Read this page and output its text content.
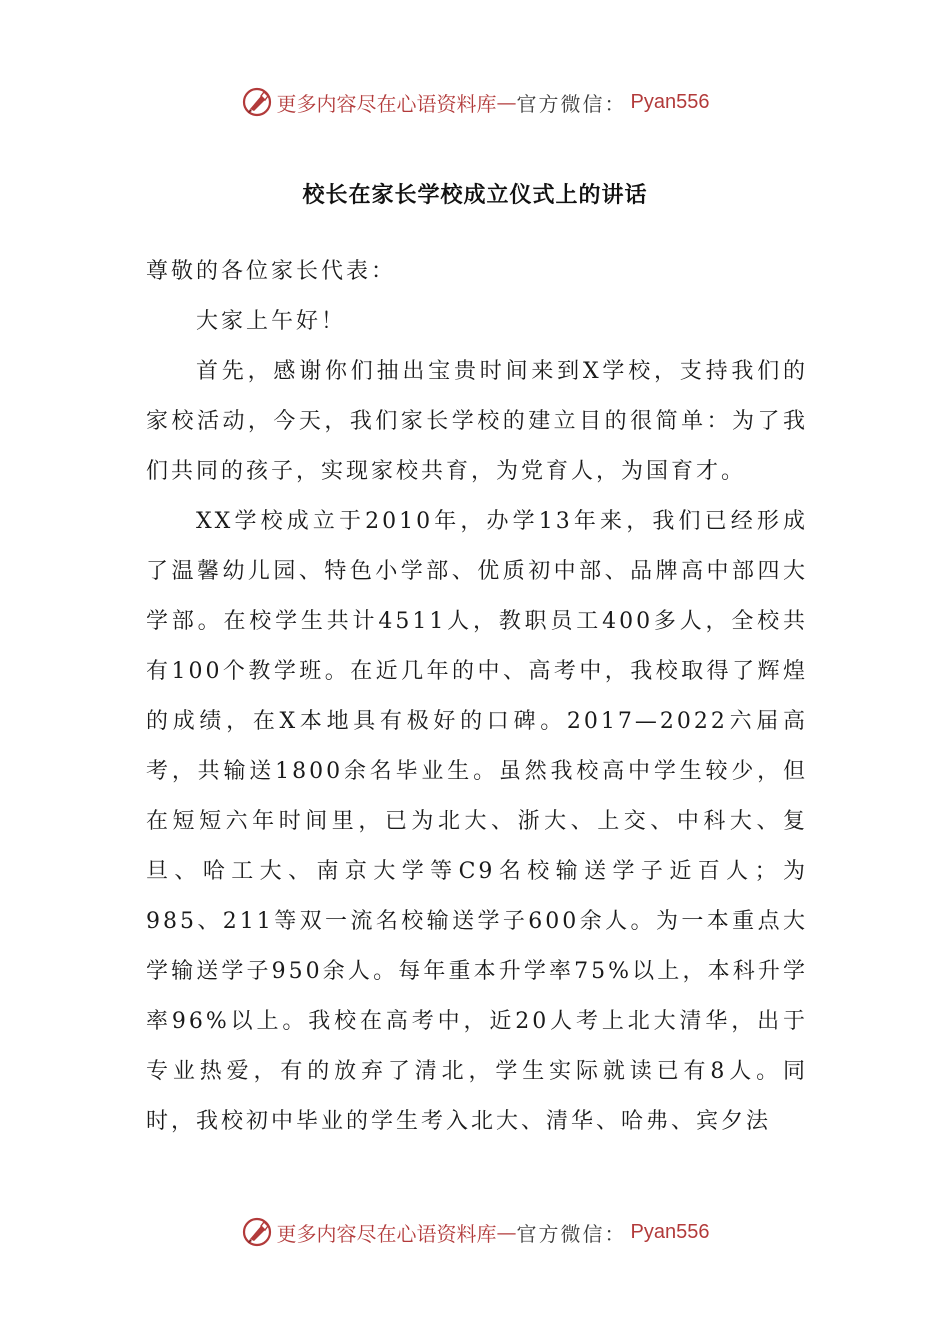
更多内容尽在心语资料库 — 官方微信： Pyan556
校长在家长学校成立仪式上的讲话

尊敬的各位家长代表：

大家上午好！

首先，感谢你们抽出宝贵时间来到X学校，支持我们的家校活动，今天，我们家长学校的建立目的很简单：为了我们共同的孩子，实现家校共育，为党育人，为国育才。

XX学校成立于2010年，办学13年来，我们已经形成了温馨幼儿园、特色小学部、优质初中部、品牌高中部四大学部。在校学生共计4511人，教职员工400多人，全校共有100个教学班。在近几年的中、高考中，我校取得了辉煌的成绩，在X本地具有极好的口碑。2017—2022六届高考，共输送1800余名毕业生。虽然我校高中学生较少，但在短短六年时间里，已为北大、浙大、上交、中科大、复旦、哈工大、南京大学等C9名校输送学子近百人；为985、211等双一流名校输送学子600余人。为一本重点大学输送学子950余人。每年重本升学率75%以上，本科升学率96%以上。我校在高考中，近20人考上北大清华，出于专业热爱，有的放弃了清北，学生实际就读已有8人。同时，我校初中毕业的学生考入北大、清华、哈弗、宾夕法

更多内容尽在心语资料库 — 官方微信： Pyan556
